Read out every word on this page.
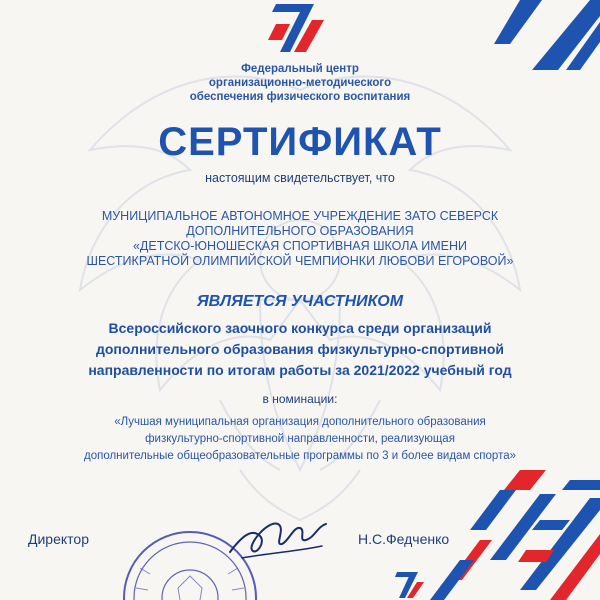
Федеральный центр
организационно-методического
обеспечения физического воспитания
СЕРТИФИКАТ
настоящим свидетельствует, что
МУНИЦИПАЛЬНОЕ АВТОНОМНОЕ УЧРЕЖДЕНИЕ ЗАТО СЕВЕРСК
ДОПОЛНИТЕЛЬНОГО ОБРАЗОВАНИЯ
«ДЕТСКО-ЮНОШЕСКАЯ СПОРТИВНАЯ ШКОЛА ИМЕНИ
ШЕСТИКРАТНОЙ ОЛИМПИЙСКОЙ ЧЕМПИОНКИ ЛЮБОВИ ЕГОРОВОЙ»
ЯВЛЯЕТСЯ УЧАСТНИКОМ
Всероссийского заочного конкурса среди организаций
дополнительного образования физкультурно-спортивной
направленности по итогам работы за 2021/2022 учебный год
в номинации:
«Лучшая муниципальная организация дополнительного образования
физкультурно-спортивной направленности, реализующая
дополнительные общеобразовательные программы по 3 и более видам спорта»
Директор	Н.С.Федченко
